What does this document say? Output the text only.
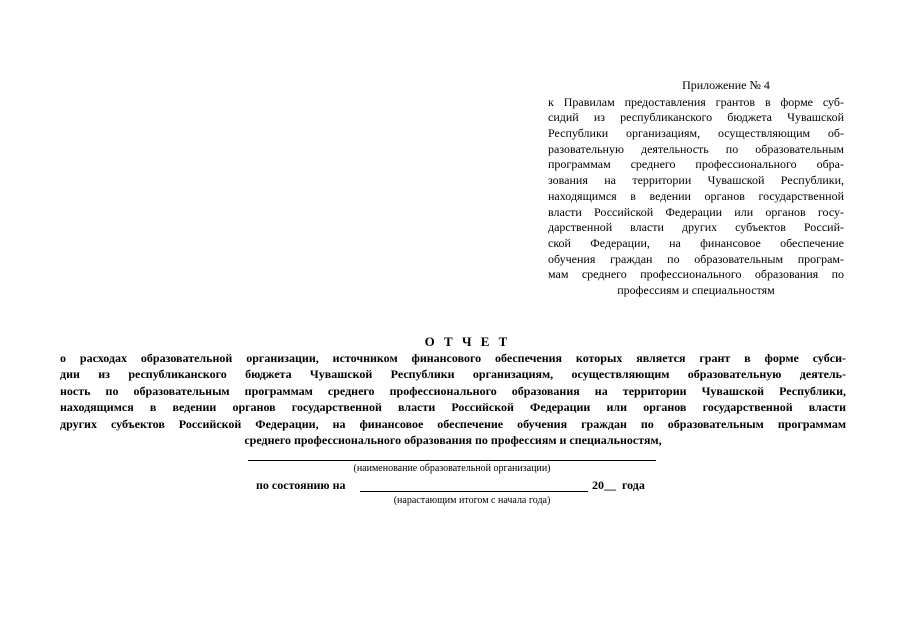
Приложение № 4
к Правилам предоставления грантов в форме суб-
сидий из республиканского бюджета Чувашской
Республики организациям, осуществляющим об-
разовательную деятельность по образовательным
программам среднего профессионального обра-
зования на территории Чувашской Республики,
находящимся в ведении органов государственной
власти Российской Федерации или органов госу-
дарственной власти других субъектов Россий-
ской Федерации, на финансовое обеспечение
обучения граждан по образовательным програм-
мам среднего профессионального образования по
профессиям и специальностям
О Т Ч Е Т
о расходах образовательной организации, источником финансового обеспечения которых является грант в форме субси-
дии из республиканского бюджета Чувашской Республики организациям, осуществляющим образовательную деятель-
ность по образовательным программам среднего профессионального образования на территории Чувашской Республики,
находящимся в ведении органов государственной власти Российской Федерации или органов государственной власти
других субъектов Российской Федерации, на финансовое обеспечение обучения граждан по образовательным программам
среднего профессионального образования по профессиям и специальностям,
(наименование образовательной организации)
по состоянию на	20__ года
(нарастающим итогом с начала года)
